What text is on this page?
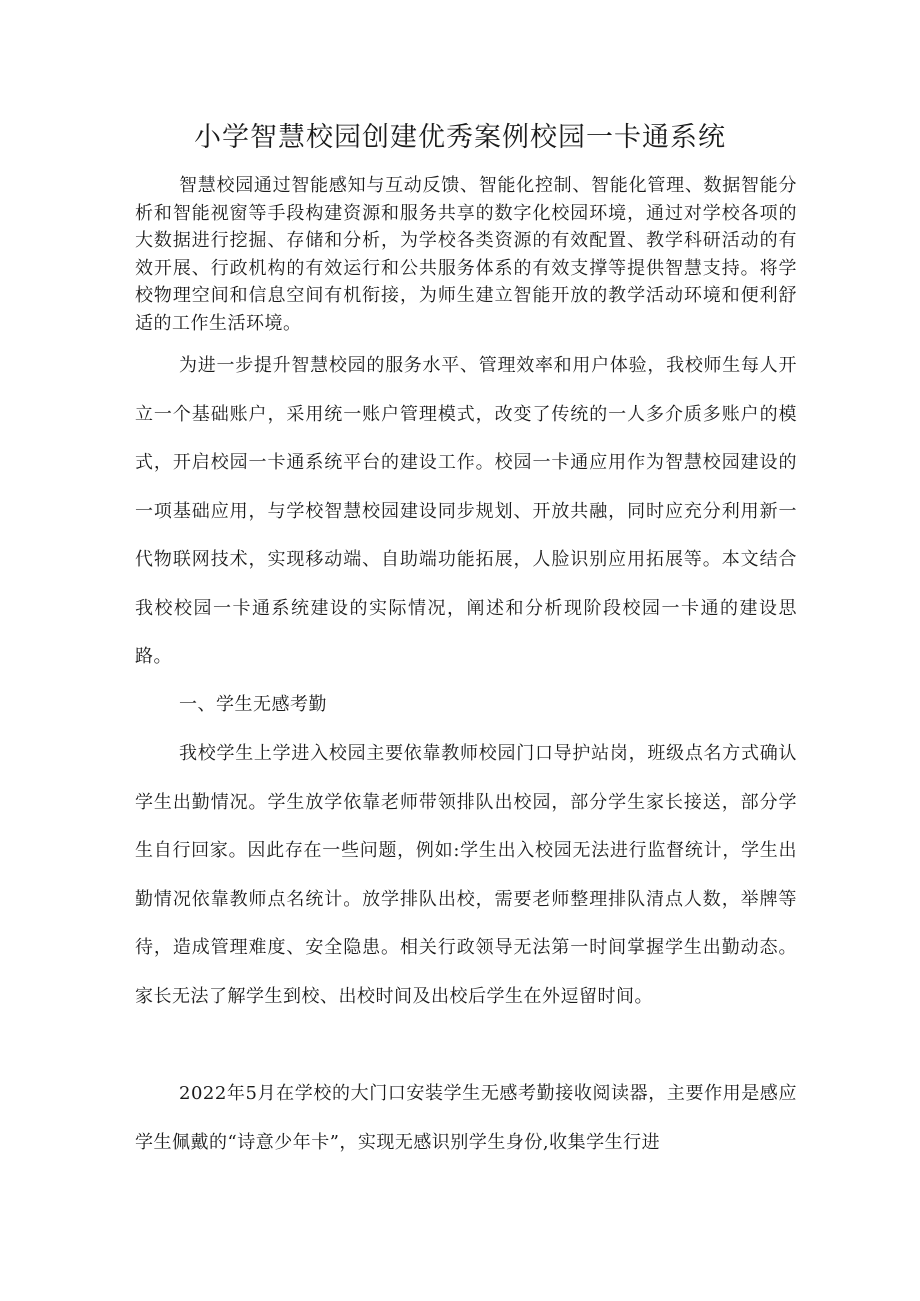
小学智慧校园创建优秀案例校园一卡通系统

智慧校园通过智能感知与互动反馈、智能化控制、智能化管理、数据智能分析和智能视窗等手段构建资源和服务共享的数字化校园环境，通过对学校各项的大数据进行挖掘、存储和分析，为学校各类资源的有效配置、教学科研活动的有效开展、行政机构的有效运行和公共服务体系的有效支撑等提供智慧支持。将学校物理空间和信息空间有机衔接，为师生建立智能开放的教学活动环境和便利舒适的工作生活环境。

为进一步提升智慧校园的服务水平、管理效率和用户体验，我校师生每人开立一个基础账户，采用统一账户管理模式，改变了传统的一人多介质多账户的模式，开启校园一卡通系统平台的建设工作。校园一卡通应用作为智慧校园建设的一项基础应用，与学校智慧校园建设同步规划、开放共融，同时应充分利用新一代物联网技术，实现移动端、自助端功能拓展，人脸识别应用拓展等。本文结合我校校园一卡通系统建设的实际情况，阐述和分析现阶段校园一卡通的建设思路。

一、学生无感考勤

我校学生上学进入校园主要依靠教师校园门口导护站岗，班级点名方式确认学生出勤情况。学生放学依靠老师带领排队出校园，部分学生家长接送，部分学生自行回家。因此存在一些问题，例如:学生出入校园无法进行监督统计，学生出勤情况依靠教师点名统计。放学排队出校，需要老师整理排队清点人数，举牌等待，造成管理难度、安全隐患。相关行政领导无法第一时间掌握学生出勤动态。家长无法了解学生到校、出校时间及出校后学生在外逗留时间。

2022年5月在学校的大门口安装学生无感考勤接收阅读器，主要作用是感应学生佩戴的“诗意少年卡”，实现无感识别学生身份,收集学生行进
